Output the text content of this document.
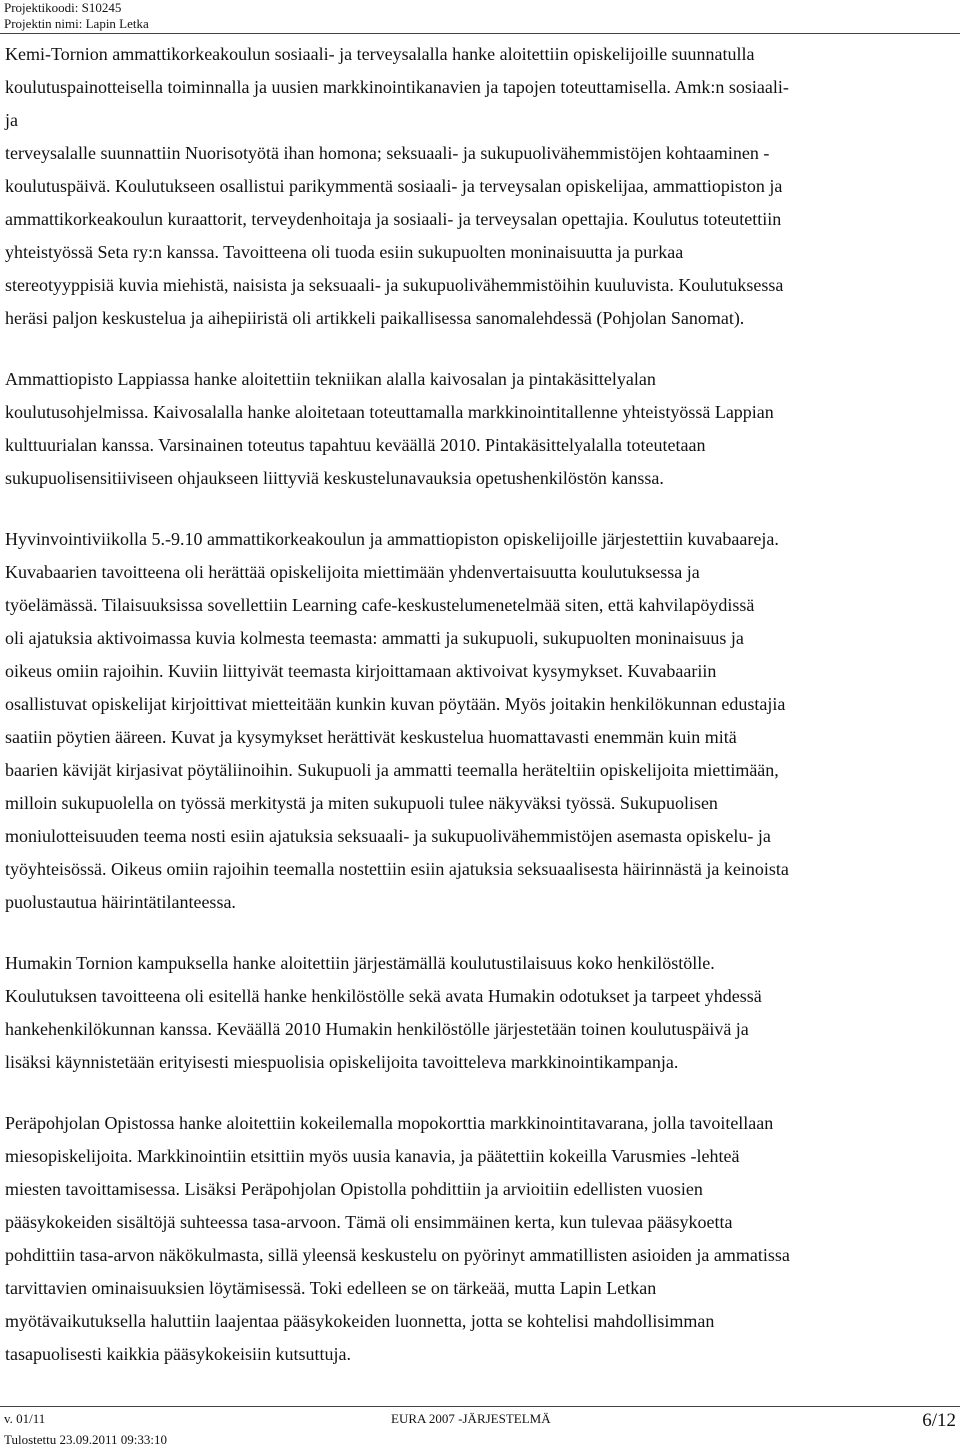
Projektikoodi: S10245
Projektin nimi: Lapin Letka
Kemi-Tornion ammattikorkeakoulun sosiaali- ja terveysalalla hanke aloitettiin opiskelijoille suunnatulla
koulutuspainotteisella toiminnalla ja uusien markkinointikanavien ja tapojen toteuttamisella. Amk:n sosiaali-
ja
terveysalalle suunnattiin Nuorisotyötä ihan homona; seksuaali- ja sukupuolivähemmistöjen kohtaaminen -
koulutuspäivä. Koulutukseen osallistui parikymmentä sosiaali- ja terveysalan opiskelijaa, ammattiopiston ja
ammattikorkeakoulun kuraattorit, terveydenhoitaja ja sosiaali- ja terveysalan opettajia. Koulutus toteutettiin
yhteistyössä Seta ry:n kanssa. Tavoitteena oli tuoda esiin sukupuolten moninaisuutta ja purkaa
stereotyyppisiä kuvia miehistä, naisista ja seksuaali- ja sukupuolivähemmistöihin kuuluvista. Koulutuksessa
heräsi paljon keskustelua ja aihepiiristä oli artikkeli paikallisessa sanomalehdessä (Pohjolan Sanomat).
Ammattiopisto Lappiassa hanke aloitettiin tekniikan alalla kaivosalan ja pintakäsittelyalan
koulutusohjelmissa. Kaivosalalla hanke aloitetaan toteuttamalla markkinointitallenne yhteistyössä Lappian
kulttuurialan kanssa. Varsinainen toteutus tapahtuu keväällä 2010. Pintakäsittelyalalla toteutetaan
sukupuolisensitiiviseen ohjaukseen liittyviä keskustelunavauksia opetushenkilöstön kanssa.
Hyvinvointiviikolla 5.-9.10 ammattikorkeakoulun ja ammattiopiston opiskelijoille järjestettiin kuvabaareja.
Kuvabaarien tavoitteena oli herättää opiskelijoita miettimään yhdenvertaisuutta koulutuksessa ja
työelämässä. Tilaisuuksissa sovellettiin Learning cafe-keskustelumenetelmää siten, että kahvilapöydissä
oli ajatuksia aktivoimassa kuvia kolmesta teemasta: ammatti ja sukupuoli, sukupuolten moninaisuus ja
oikeus omiin rajoihin. Kuviin liittyivät teemasta kirjoittamaan aktivoivat kysymykset. Kuvabaariin
osallistuvat opiskelijat kirjoittivat mietteitään kunkin kuvan pöytään. Myös joitakin henkilökunnan edustajia
saatiin pöytien ääreen. Kuvat ja kysymykset herättivät keskustelua huomattavasti enemmän kuin mitä
baarien kävijät kirjasivat pöytäliinoihin. Sukupuoli ja ammatti teemalla heräteltiin opiskelijoita miettimään,
milloin sukupuolella on työssä merkitystä ja miten sukupuoli tulee näkyväksi työssä. Sukupuolisen
moniulotteisuuden teema nosti esiin ajatuksia seksuaali- ja sukupuolivähemmistöjen asemasta opiskelu- ja
työyhteisössä. Oikeus omiin rajoihin teemalla nostettiin esiin ajatuksia seksuaalisesta häirinnästä ja keinoista
puolustautua häirintätilanteessa.
Humakin Tornion kampuksella hanke aloitettiin järjestämällä koulutustilaisuus koko henkilöstölle.
Koulutuksen tavoitteena oli esitellä hanke henkilöstölle sekä avata Humakin odotukset ja tarpeet yhdessä
hankehenkilökunnan kanssa. Keväällä 2010 Humakin henkilöstölle järjestetään toinen koulutuspäivä ja
lisäksi käynnistetään erityisesti miespuolisia opiskelijoita tavoitteleva markkinointikampanja.
Peräpohjolan Opistossa hanke aloitettiin kokeilemalla mopokorttia markkinointitavarana, jolla tavoitellaan
miesopiskelijoita. Markkinointiin etsittiin myös uusia kanavia, ja päätettiin kokeilla Varusmies -lehteä
miesten tavoittamisessa. Lisäksi Peräpohjolan Opistolla pohdittiin ja arvioitiin edellisten vuosien
pääsykokeiden sisältöjä suhteessa tasa-arvoon. Tämä oli ensimmäinen kerta, kun tulevaa pääsykoetta
pohdittiin tasa-arvon näkökulmasta, sillä yleensä keskustelu on pyörinyt ammatillisten asioiden ja ammatissa
tarvittavien ominaisuuksien löytämisessä. Toki edelleen se on tärkeää, mutta Lapin Letkan
myötävaikutuksella haluttiin laajentaa pääsykokeiden luonnetta, jotta se kohtelisi mahdollisimman
tasapuolisesti kaikkia pääsykokeisiin kutsuttuja.
v. 01/11
Tulostettu 23.09.2011 09:33:10
EURA 2007 -JÄRJESTELMÄ	6/12
